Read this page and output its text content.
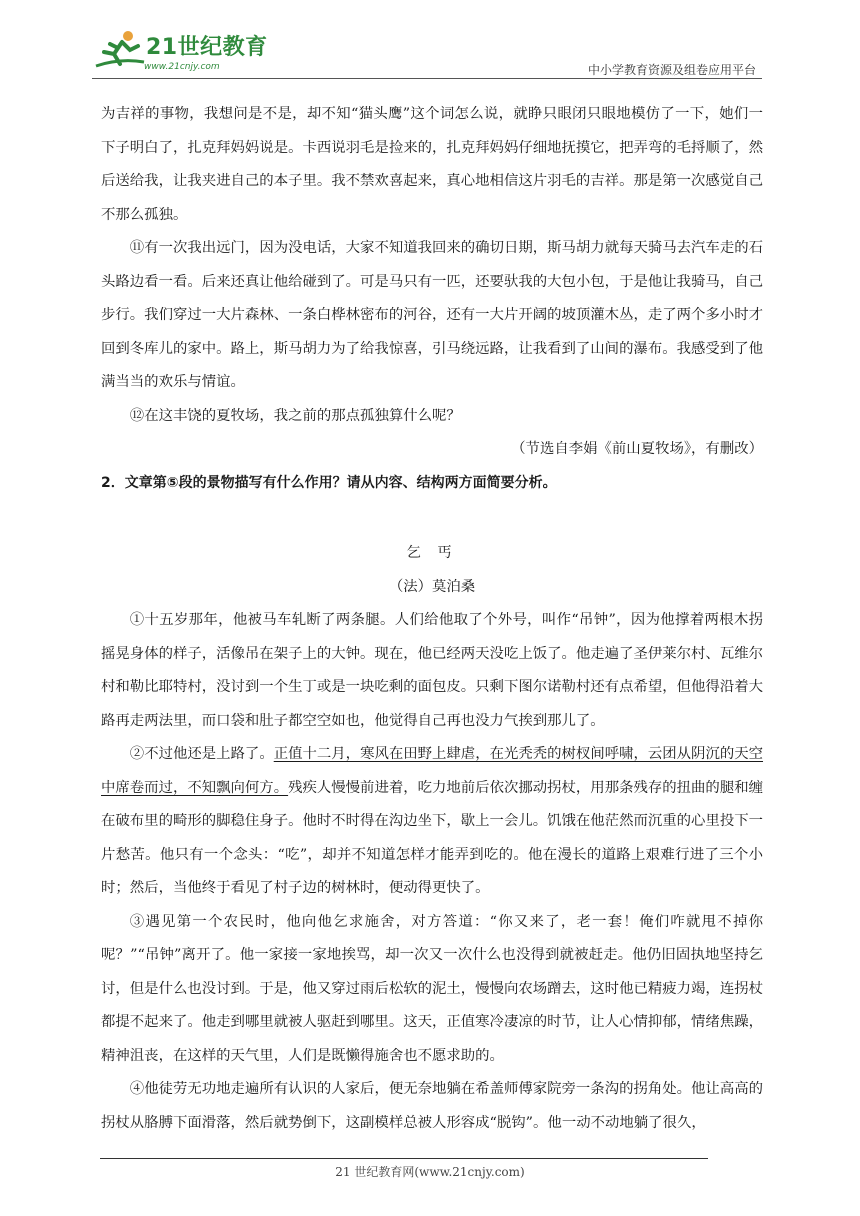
21世纪教育
www.21cnjy.com	中小学教育资源及组卷应用平台

为吉祥的事物，我想问是不是，却不知“猫头鹰”这个词怎么说，就睁只眼闭只眼地模仿了一下，她们一下子明白了，扎克拜妈妈说是。卡西说羽毛是捡来的，扎克拜妈妈仔细地抚摸它，把弄弯的毛捋顺了，然后送给我，让我夹进自己的本子里。我不禁欢喜起来，真心地相信这片羽毛的吉祥。那是第一次感觉自己不那么孤独。

⑪有一次我出远门，因为没电话，大家不知道我回来的确切日期，斯马胡力就每天骑马去汽车走的石头路边看一看。后来还真让他给碰到了。可是马只有一匹，还要驮我的大包小包，于是他让我骑马，自己步行。我们穿过一大片森林、一条白桦林密布的河谷，还有一大片开阔的坡顶灌木丛，走了两个多小时才回到冬库儿的家中。路上，斯马胡力为了给我惊喜，引马绕远路，让我看到了山间的瀑布。我感受到了他满当当的欢乐与情谊。

⑫在这丰饶的夏牧场，我之前的那点孤独算什么呢？

（节选自李娟《前山夏牧场》，有删改）

2．文章第⑤段的景物描写有什么作用？请从内容、结构两方面简要分析。

乞 丐

（法）莫泊桑

①十五岁那年，他被马车轧断了两条腿。人们给他取了个外号，叫作“吊钟”，因为他撑着两根木拐摇晃身体的样子，活像吊在架子上的大钟。现在，他已经两天没吃上饭了。他走遍了圣伊莱尔村、瓦维尔村和勒比耶特村，没讨到一个生丁或是一块吃剩的面包皮。只剩下图尔诺勒村还有点希望，但他得沿着大路再走两法里，而口袋和肚子都空空如也，他觉得自己再也没力气挨到那儿了。

②不过他还是上路了。正值十二月，寒风在田野上肆虐，在光秃秃的树杈间呼啸，云团从阴沉的天空中席卷而过，不知飘向何方。残疾人慢慢前进着，吃力地前后依次挪动拐杖，用那条残存的扭曲的腿和缠在破布里的畸形的脚稳住身子。他时不时得在沟边坐下，歇上一会儿。饥饿在他茫然而沉重的心里投下一片愁苦。他只有一个念头：“吃”，却并不知道怎样才能弄到吃的。他在漫长的道路上艰难行进了三个小时；然后，当他终于看见了村子边的树林时，便动得更快了。

③遇见第一个农民时，他向他乞求施舍，对方答道：“你又来了，老一套！俺们咋就甩不掉你呢？”“吊钟”离开了。他一家接一家地挨骂，却一次又一次什么也没得到就被赶走。他仍旧固执地坚持乞讨，但是什么也没讨到。于是，他又穿过雨后松软的泥土，慢慢向农场蹭去，这时他已精疲力竭，连拐杖都提不起来了。他走到哪里就被人驱赶到哪里。这天，正值寒冷凄凉的时节，让人心情抑郁，情绪焦躁，精神沮丧，在这样的天气里，人们是既懒得施舍也不愿求助的。

④他徒劳无功地走遍所有认识的人家后，便无奈地躺在希盖师傅家院旁一条沟的拐角处。他让高高的拐杖从胳膊下面滑落，然后就势倒下，这副模样总被人形容成“脱钩”。他一动不动地躺了很久，

21 世纪教育网(www.21cnjy.com)
